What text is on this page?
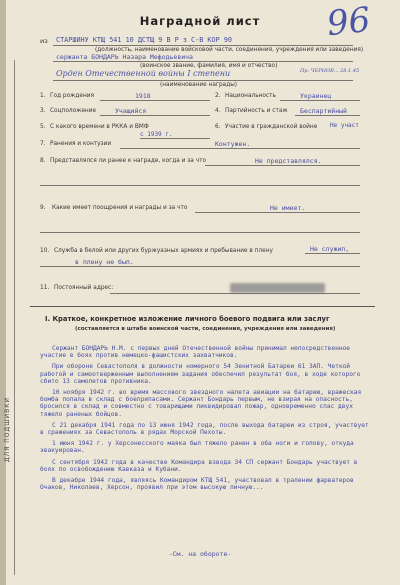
ДЛЯ ПОДШИВКИ
96
Наградной лист
из СТАРШИНУ КТЩ 541 10 ДСТЩ 9 В Р з С-В КОР 90
(должность, наименование войсковой части, соединения, учреждения или заведения)
сержанта БОНДАРЬ Назара Мефодьевича
(воинское звание, фамилия, имя и отчество)
Орден Отечественной войны I степени	Пр. ЧЕРНОВ... 28.1.45
(наименование награды)
1. Год рождения	1918	2. Национальность	Украинец
3. Соцположение	Учащийся	4. Партийность и стаж Беспартийный
5. С какого времени в РККА и ВМФ
с 1939 г.
6. Участие в гражданской войне Не участ
7. Ранения и контузии	Контужен.
8. Представлялся ли ранее к награде, когда и за что	Не представлялся.
9. Какие имеет поощрения и награды и за что	Не имеет.
10. Служба в белой или других буржуазных армиях и пребывание в плену	Не служил,
в плену не был.
11. Постоянный адрес:
I. Краткое, конкретное изложение личного боевого подвига или заслуг
(составляется в штабе воинской части, соединения, учреждения или заведения)

Сержант БОНДАРЬ Н.М. с первых дней Отечественной войны принимал непосредственное участие в боях против немецко-фашистских захватчиков.

При обороне Севастополя в должности номерного 54 Зенитной Батареи 61 ЗАП. Четкой работой и самоотверженным выполнением задания обеспечил результат боя, в ходе которого сбито 13 самолетов противника.

10 ноября 1942 г. во время массового звездного налета авиации на батарею, вражеская бомба попала в склад с боеприпасами. Сержант Бондарь первым, не взирая на опасность, бросился в склад и совместно с товарищами ликвидировал пожар, одновременно спас двух тяжело раненых бойцов.

С 21 декабря 1941 года по 13 июня 1942 года, после выхода батареи из строя, участвует в сражениях за Севастополь в рядах Морской Пехоты.

1 июня 1942 г. у Херсонесского маяка был тяжело ранен в оба ноги и голову, откуда эвакуирован.

С сентября 1942 года в качестве Командира взвода 34 СП сержант Бондарь участвует в боях по освобождению Кавказа и Кубани.

В декабре 1944 года, являясь Командиром КТЩ 541, участвовал в тралении фарватеров Очаков, Николаев, Херсон, проявил при этом высокую личную...

-См. на обороте-
